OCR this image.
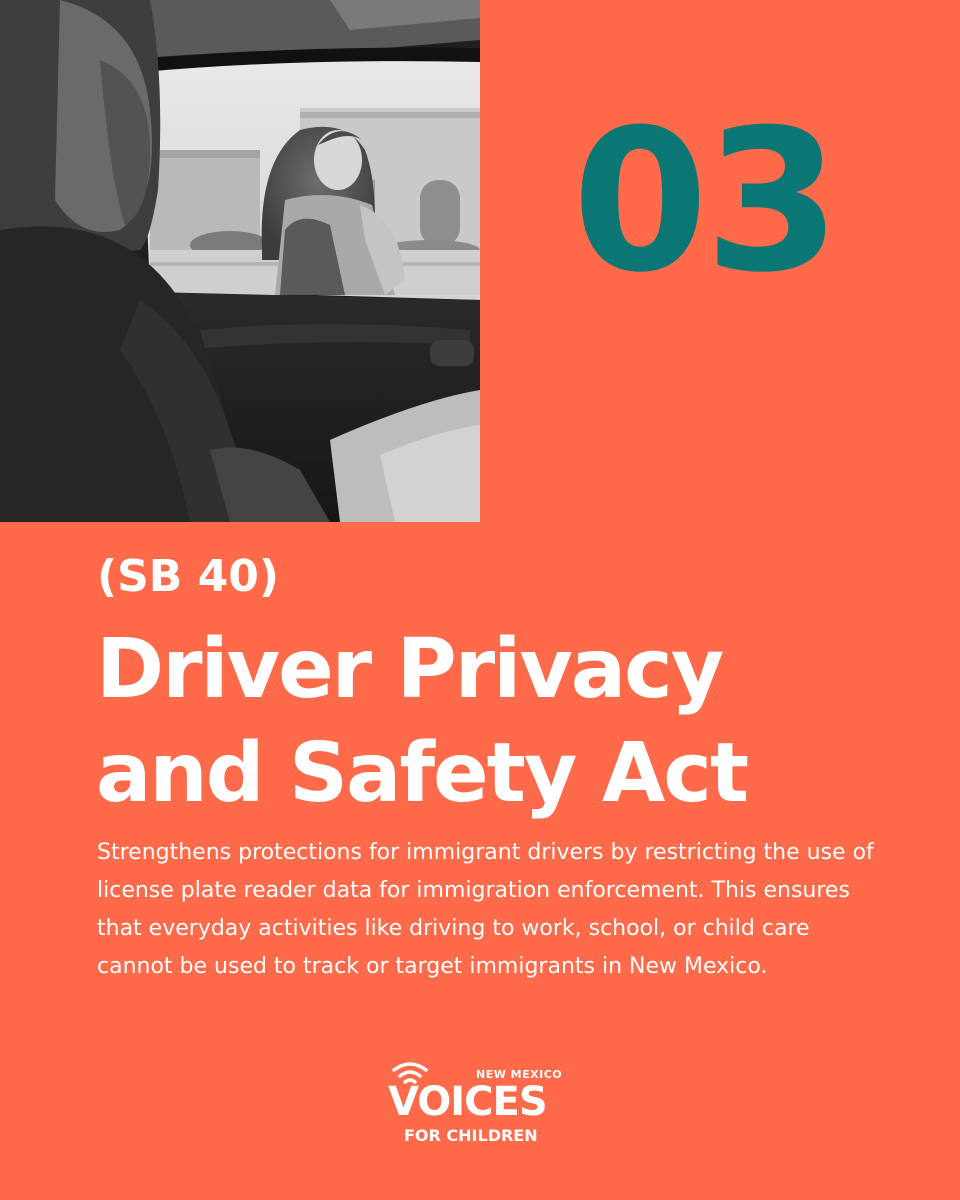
03
(SB 40)
Driver Privacy
and Safety Act
Strengthens protections for immigrant drivers by restricting the use of license plate reader data for immigration enforcement. This ensures that everyday activities like driving to work, school, or child care cannot be used to track or target immigrants in New Mexico.
NEW MEXICO
VOICES
FOR CHILDREN
